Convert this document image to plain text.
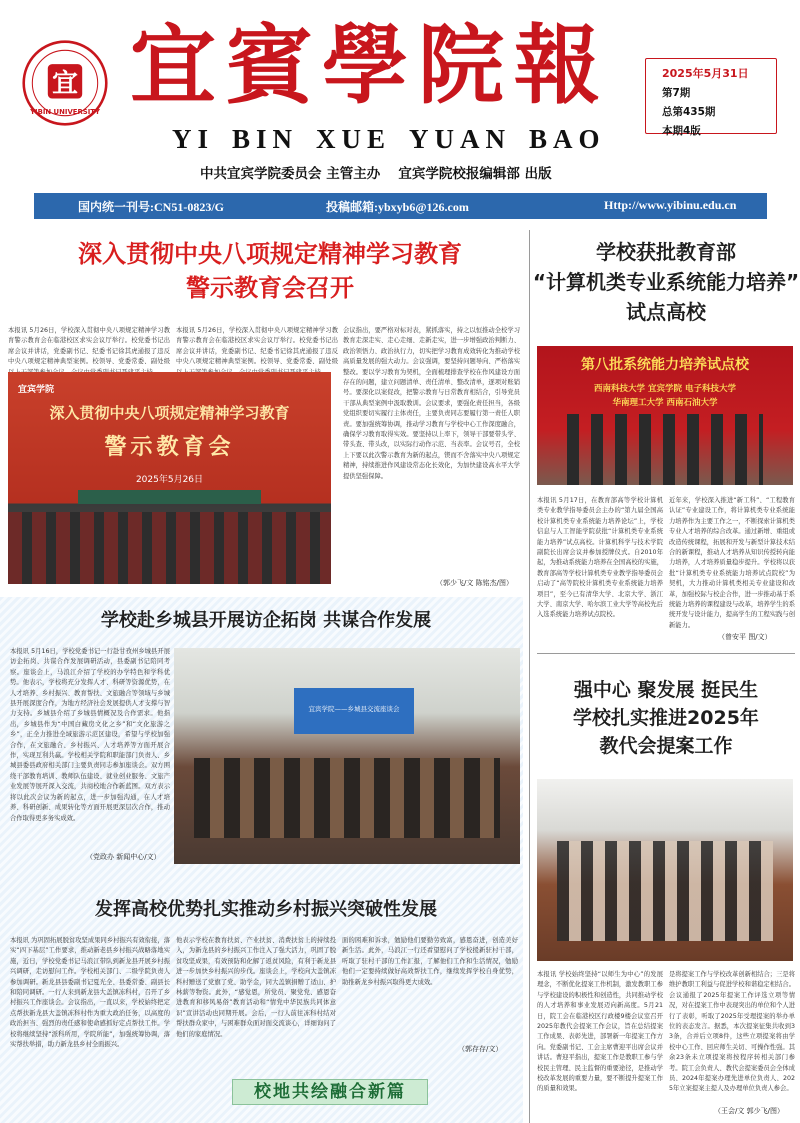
宜
YIBIN UNIVERSITY 宜賓學院報
YI BIN XUE YUAN BAO
中共宜宾学院委员会 主管主办　 宜宾学院校报编辑部 出版
2025年5月31日
第7期
总第435期
本期4版
国内统一刊号:CN51-0823/G	投稿邮箱:ybxyb6@126.com	Http://www.yibinu.edu.cn
深入贯彻中央八项规定精神学习教育
警示教育会召开
本报讯 5月26日，学校深入贯彻中央八项规定精神学习教育警示教育会在临港校区求实会议厅举行。校党委书记出席会议并讲话，党委副书记、纪委书记徐其虎通报了违反中央八项规定精神典型案例。校领导、党委常委、副处级
本报讯 5月26日，学校深入贯彻中央八项规定精神学习教育警示教育会在临港校区求实会议厅举行。校党委书记出席会议并讲话，党委副书记、纪委书记徐其虎通报了违反中央八项规定精神典型案例。校领导、党委常委、副处级
宜宾学院
深入贯彻中央八项规定精神学习教育
警示教育会
2025年5月26日
会议指出，要严格对标对表，紧抓落实，持之以恒推动全校学习教育走深走实、走心走细、走新走实，进一步增强政治判断力、政治领悟力、政治执行力，切实把学习教育成效转化为推动学校高质量发展的强大动力。会议强调，要坚持问题导向、严格落实整改。要以学习教育为契机，全面梳理排查学校在作风建设方面存在的问题，建立问题清单、责任清单、整改清单，逐项对账销号。要深化以案促改，把警示教育与日常教育相结合，引导党员干部从典型案例中汲取教训。会议要求，要强化责任担当，各级党组织要切实履行主体责任，主要负责同志要履行第一责任人职责。要加强统筹协调，推动学习教育与学校中心工作深度融合，确保学习教育取得实效。要坚持以上率下，领导干部要带头学、带头查、带头改，以实际行动作示范、当表率。会议号召，全校上下要以此次警示教育为新的起点，锲而不舍落实中央八项规定精神，持续推进作风建设常态化长效化，为加快建设高水平大学提供坚强保障。
（郭少飞/文 陈铭杰/图）
学校获批教育部
“计算机类专业系统能力培养”
试点高校
第八批系统能力培养试点校
西南科技大学 宜宾学院 电子科技大学
华南理工大学 西南石油大学
本报讯 5月17日，在教育部高等学校计算机类专业教学指导委员会主办的“第九届全国高校计算机类专业系统能力培养论坛”上，学校信息与人工智能学院获批“计算机类专业系统能力培养”试点高校。计算机科学与技术学院副院长出席会议并参加授牌仪式。自2010年起，为推动系统能力培养在全国高校的实施，教育部高等学校计算机类专业教学指导委员会启动了“高等院校计算机类专业系统能力培养项目”，至今已有清华大学、北京大学、浙江大学、南京大学、哈尔滨工业大学等高校先后入选系统能力培养试点院校。
近年来，学校深入推进“新工科”、“工程教育认证”专业建设工作，将计算机类专业系统能力培养作为主要工作之一，不断探索计算机类专业人才培养的综合改革。通过新增、重组或改造传统课程，拓展和开发与新型计算技术结合的新课程，推动人才培养从知识传授转向能力培养，人才培养质量稳步提升。学校将以获批“计算机类专业系统能力培养试点院校”为契机，大力推动计算机类相关专业建设和改革，加强校际与校企合作，进一步推动基于系统能力培养的课程建设与改革，培养学生的系统开发与设计能力，提高学生的工程实践与创新能力。
（曾安平 图/文）
学校赴乡城县开展访企拓岗 共谋合作发展
本报讯 5月16日，学校党委书记一行赴甘孜州乡城县开展访企拓岗、共谋合作发展调研活动，县委副书记陪同考察。座谈会上，马浪江介绍了学校的办学特色和学科优势。他表示，学校将充分发挥人才、科研等资源优势，在人才培养、乡村振兴、教育帮扶、文旅融合等领域与乡城县开展深度合作，为地方经济社会发展提供人才支撑与智力支持。乡城县介绍了乡城县情概况及合作需求。他指出，乡城县作为“中国白藏房文化之乡”和“文化旅游之乡”，正全力推进全域旅游示范区建设，希望与学校加强合作，在文旅融合、乡村振兴、人才培养等方面开展合作，实现互利共赢。学校相关学院和职能部门负责人、乡城县委县政府相关部门主要负责同志参加座谈会。双方围绕干部教育培训、教师队伍建设、就业创业服务、文旅产业发展等展开深入交流，共商校地合作新蓝图。双方表示将以此次会议为新的起点，进一步加强沟通，在人才培养、科研创新、成果转化等方面开展更深层次合作，推动合作取得更多务实成效。
（党政办 新闻中心/文）
宜宾学院——乡城县交流座谈会
发挥高校优势扎实推动乡村振兴突破性发展
本报讯 为巩固拓展脱贫攻坚成果同乡村振兴有效衔接，落实“四下基层”工作要求，推动新老县乡村振兴战略落地实施，近日，学校党委书记马浪江带队到新龙县开展乡村振兴调研，走访慰问工作。学校相关部门、二级学院负责人参加调研。新龙县县委副书记夏光全、县委常委、副县长和陪同调研。一行人来到新龙县大盖镇冻科村，召开了乡村振兴工作座谈会。会议指出，一直以来，学校始终把定点帮扶新龙县大盖镇冻科村作为重大政治任务，以高度的政治担当、强烈的责任感和使命感抓好定点帮扶工作。学校将继续坚持“派科所用，学院所能”，加强统筹协调，落实帮扶举措，助力新龙县乡村全面振兴。
他表示学校在教育扶贫、产业扶贫、消费扶贫上的持续投入，为新龙县的乡村振兴工作注入了强大活力，巩固了脱贫攻坚成果，有效预防和化解了返贫风险，有利于新龙县进一步加快乡村振兴的步伐。座谈会上，学校向大盖镇冻科村赠送了党旗了党、助学金，同大盖镇捐赠了适山、护林薪等物资。此外，“感觉恩，所党员、聚党党、感恩奋进教育和移风易俗”教育活动和“情党中华民族共同体意识”宣讲活动也同期开展。会后，一行人前往冻科村结对帮扶群众家中，与困难群众面对面交流谈心，详细询问了他们的家庭情况。
面的困难和诉求，勉励他们要勤劳致富，感恩奋进，创造美好新生活。此外，马浪江一行还看望慰问了学校援新驻村干部，听取了驻村干部的工作汇报，了解他们工作和生活情况，勉励他们一定要持续做好高效帮扶工作，继续发挥学校自身优势，助推新龙乡村振兴取得更大成效。
（郭存存/文）
校地共绘融合新篇
强中心 聚发展 挺民生
学校扎实推进2025年
教代会提案工作
本报讯 学校始终坚持“以师生为中心”的发展理念，不断优化提案工作机制，激发教职工参与学校建设的积极性和创造性，共同推动学校的人才培养和事业发展迈向新高度。5月21日，院工会在临港校区行政楼9楼会议室召开2025年教代会提案工作会议，旨在总结提案工作成果、表彰先进，部署新一年提案工作方向。党委副书记、工会主席曹迎平出席会议并讲话。曹迎平指出，提案工作是教职工参与学校民主管理、民主监督的重要途径，是推动学校改革发展的重要力量，要不断提升提案工作的质量和效果。
是将提案工作与学校改革创新相结合；三是将维护教职工利益与促进学校和谐稳定相结合。会议通报了2025年提案工作评选立项等情况，对在提案工作中表现突出的单位和个人进行了表彰，听取了2025年受理提案的举办单位的表态发言。据悉，本次提案征集共收到33条，合并后立项8件，这些立项提案将由学校中心工作、回应师生关切、可操作性强。其余23条未立项提案将按程序转相关部门参考。院工会负责人、教代会提案委员会全体成员、2024年提案办理先进单位负责人、2025年立案提案主提人及办理单位负责人参会。
（王会/文 郭少飞/图）
